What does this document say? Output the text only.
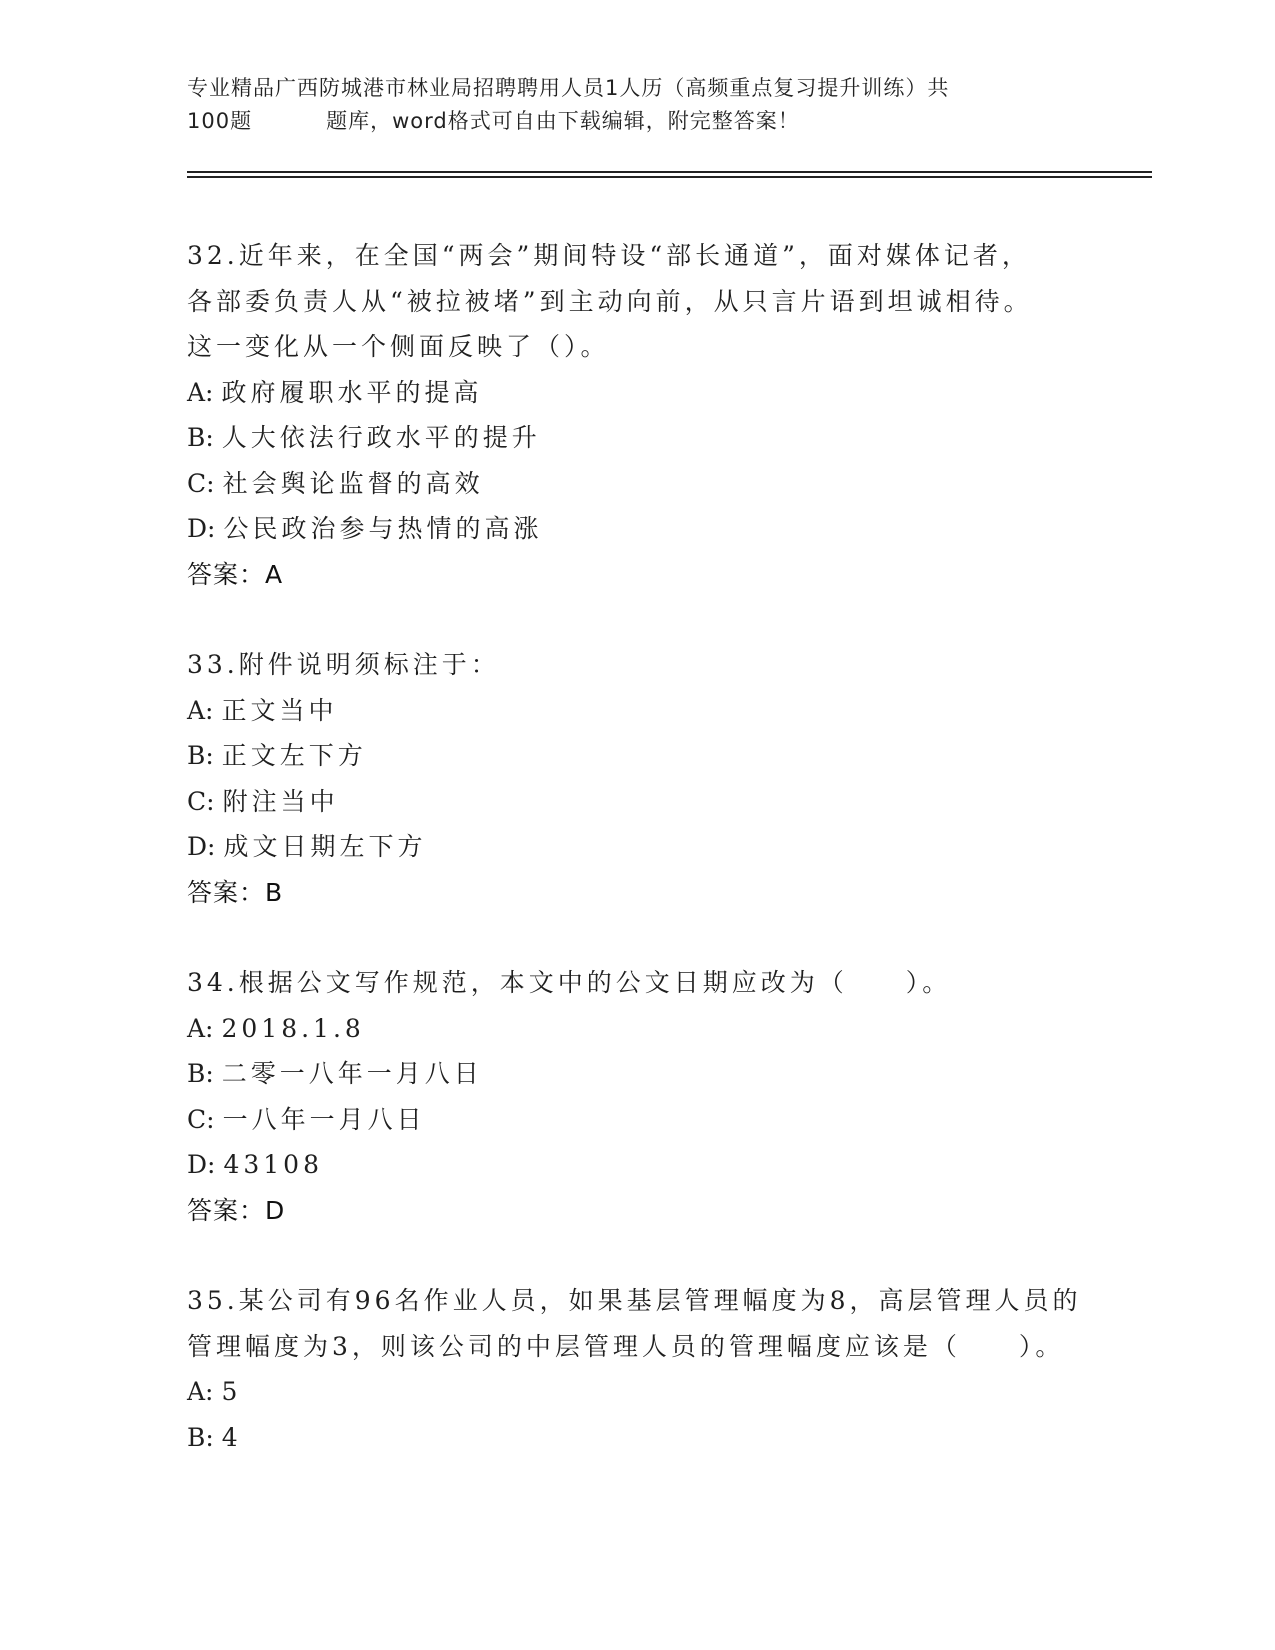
专业精品广西防城港市林业局招聘聘用人员1人历（高频重点复习提升训练）共
100题	题库，word格式可自由下载编辑，附完整答案！

32.近年来，在全国“两会”期间特设“部长通道”，面对媒体记者，

各部委负责人从“被拉被堵”到主动向前，从只言片语到坦诚相待。

这一变化从一个侧面反映了（）。

A: 政府履职水平的提高
B: 人大依法行政水平的提升
C: 社会舆论监督的高效
D: 公民政治参与热情的高涨
答案：A

33.附件说明须标注于：

A: 正文当中
B: 正文左下方
C: 附注当中
D: 成文日期左下方
答案：B

34.根据公文写作规范，本文中的公文日期应改为（　　）。

A: 2018.1.8
B: 二零一八年一月八日
C: 一八年一月八日
D: 43108
答案：D

35.某公司有96名作业人员，如果基层管理幅度为8，高层管理人员的

管理幅度为3，则该公司的中层管理人员的管理幅度应该是（　　）。

A: 5
B: 4
